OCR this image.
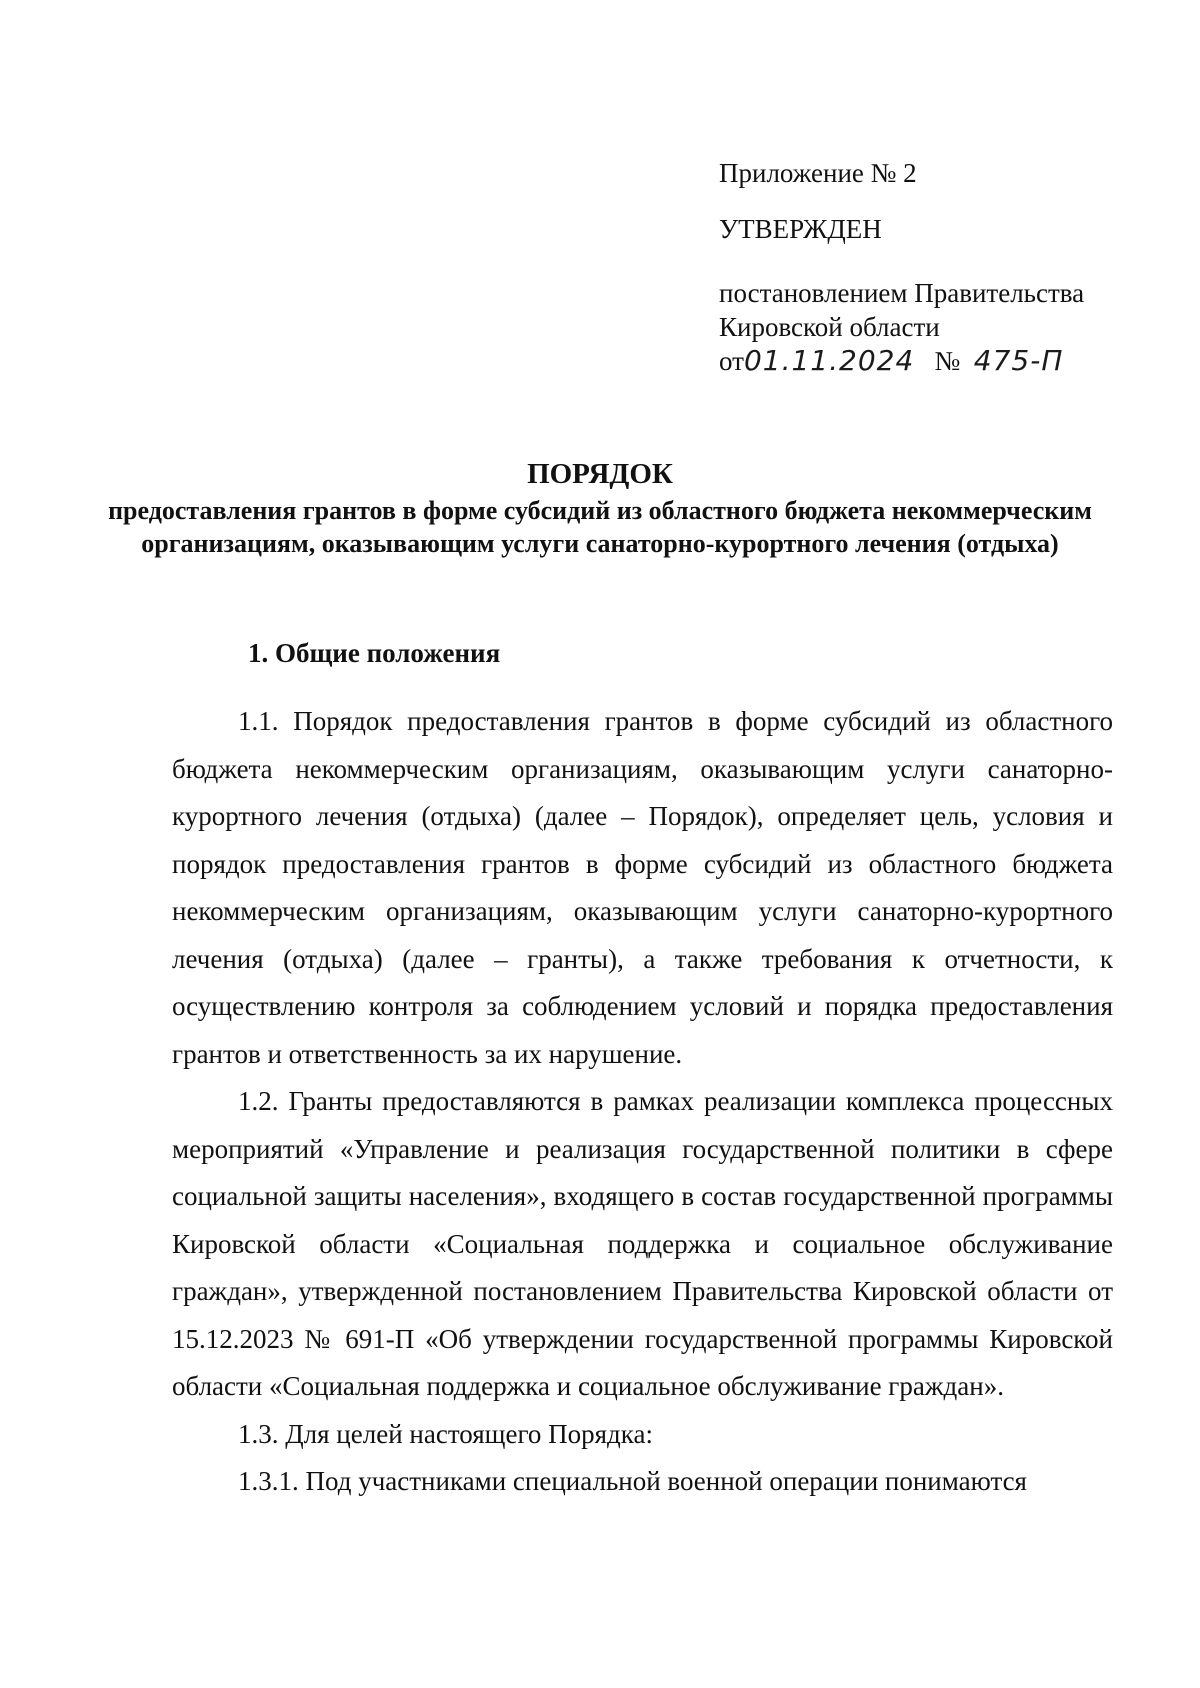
Приложение № 2
УТВЕРЖДЕН
постановлением Правительства
Кировской области
от01.11.2024 № 475-П
ПОРЯДОК
предоставления грантов в форме субсидий из областного бюджета некоммерческим организациям, оказывающим услуги санаторно-курортного лечения (отдыха)
1. Общие положения

1.1. Порядок предоставления грантов в форме субсидий из областного бюджета некоммерческим организациям, оказывающим услуги санаторно-курортного лечения (отдыха) (далее – Порядок), определяет цель, условия и порядок предоставления грантов в форме субсидий из областного бюджета некоммерческим организациям, оказывающим услуги санаторно-курортного лечения (отдыха) (далее – гранты), а также требования к отчетности, к осуществлению контроля за соблюдением условий и порядка предоставления грантов и ответственность за их нарушение.

1.2. Гранты предоставляются в рамках реализации комплекса процессных мероприятий «Управление и реализация государственной политики в сфере социальной защиты населения», входящего в состав государственной программы Кировской области «Социальная поддержка и социальное обслуживание граждан», утвержденной постановлением Правительства Кировской области от 15.12.2023 № 691-П «Об утверждении государственной программы Кировской области «Социальная поддержка и социальное обслуживание граждан».

1.3. Для целей настоящего Порядка:

1.3.1. Под участниками специальной военной операции понимаются
